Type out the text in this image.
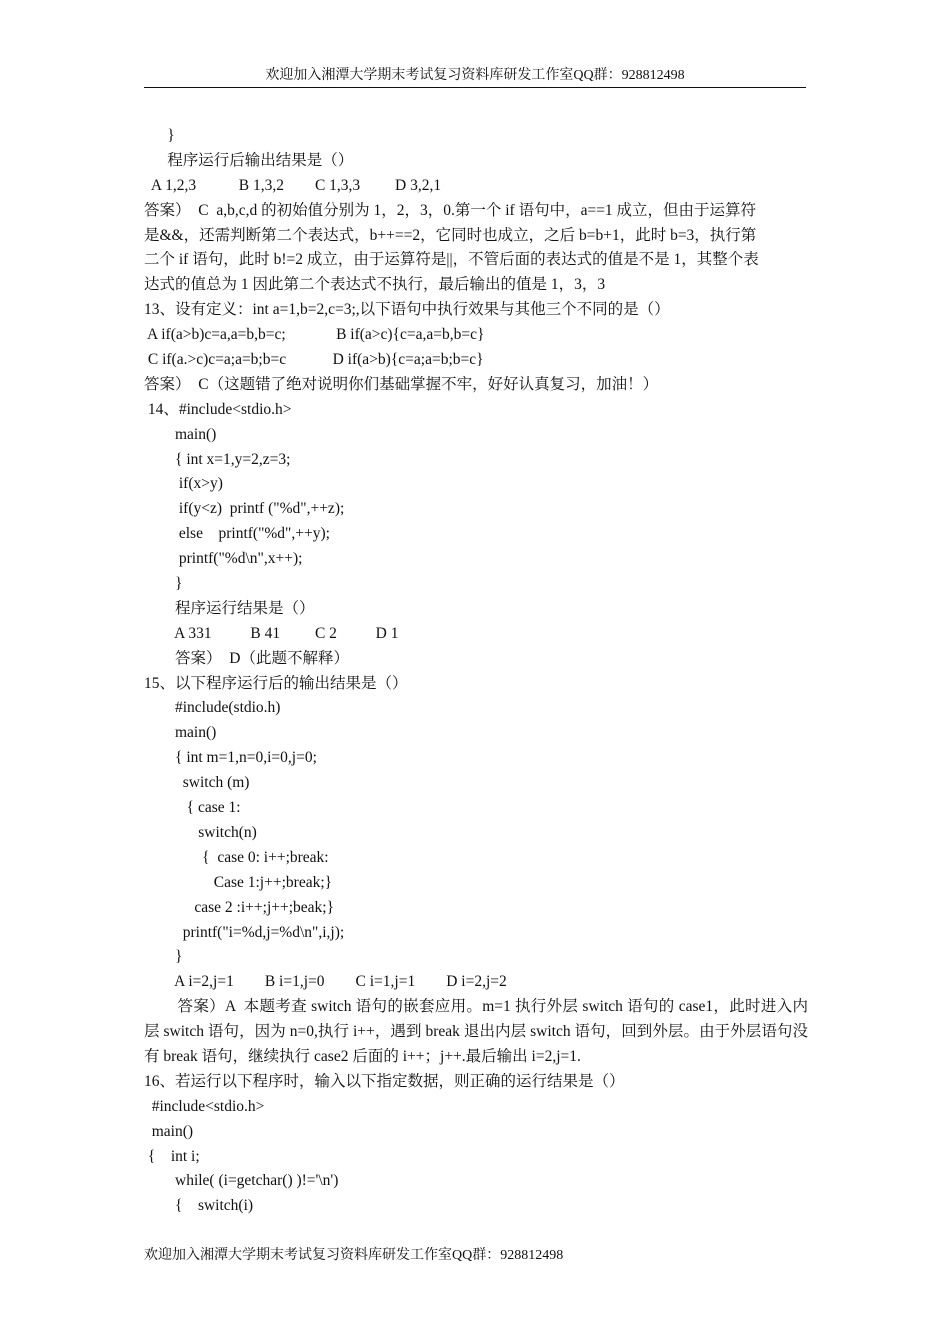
欢迎加入湘潭大学期末考试复习资料库研发工作室QQ群：928812498
}
程序运行后输出结果是（）
A 1,2,3           B 1,3,2        C 1,3,3         D 3,2,1
答案）  C  a,b,c,d 的初始值分别为 1，2，3，0.第一个 if 语句中，a==1 成立，但由于运算符
是&&，还需判断第二个表达式，b++==2，它同时也成立，之后 b=b+1，此时 b=3，执行第
二个 if 语句，此时 b!=2 成立，由于运算符是||，不管后面的表达式的值是不是 1，其整个表
达式的值总为 1 因此第二个表达式不执行，最后输出的值是 1，3，3
13、设有定义：int a=1,b=2,c=3;,以下语句中执行效果与其他三个不同的是（）
A if(a>b)c=a,a=b,b=c;             B if(a>c){c=a,a=b,b=c}
C if(a.>c)c=a;a=b;b=c            D if(a>b){c=a;a=b;b=c}
答案）  C（这题错了绝对说明你们基础掌握不牢，好好认真复习，加油！）
14、#include<stdio.h>
main()
{ int x=1,y=2,z=3;
if(x>y)
if(y<z)  printf ("%d",++z);
else    printf("%d",++y);
printf("%d\n",x++);
}
程序运行结果是（）
A 331          B 41         C 2          D 1
答案）  D（此题不解释）
15、以下程序运行后的输出结果是（）
#include(stdio.h)
main()
{ int m=1,n=0,i=0,j=0;
switch (m)
{ case 1:
switch(n)
{  case 0: i++;break:
Case 1:j++;break;}
case 2 :i++;j++;beak;}
printf("i=%d,j=%d\n",i,j);
}
A i=2,j=1        B i=1,j=0        C i=1,j=1        D i=2,j=2
答案）A  本题考查 switch 语句的嵌套应用。m=1 执行外层 switch 语句的 case1，此时进入内层 switch 语句，因为 n=0,执行 i++，遇到 break 退出内层 switch 语句，回到外层。由于外层语句没有 break 语句，继续执行 case2 后面的 i++；j++.最后输出 i=2,j=1.
16、若运行以下程序时，输入以下指定数据，则正确的运行结果是（）
#include<stdio.h>
main()
{    int i;
while( (i=getchar() )!='\n')
{    switch(i)
欢迎加入湘潭大学期末考试复习资料库研发工作室QQ群：928812498
